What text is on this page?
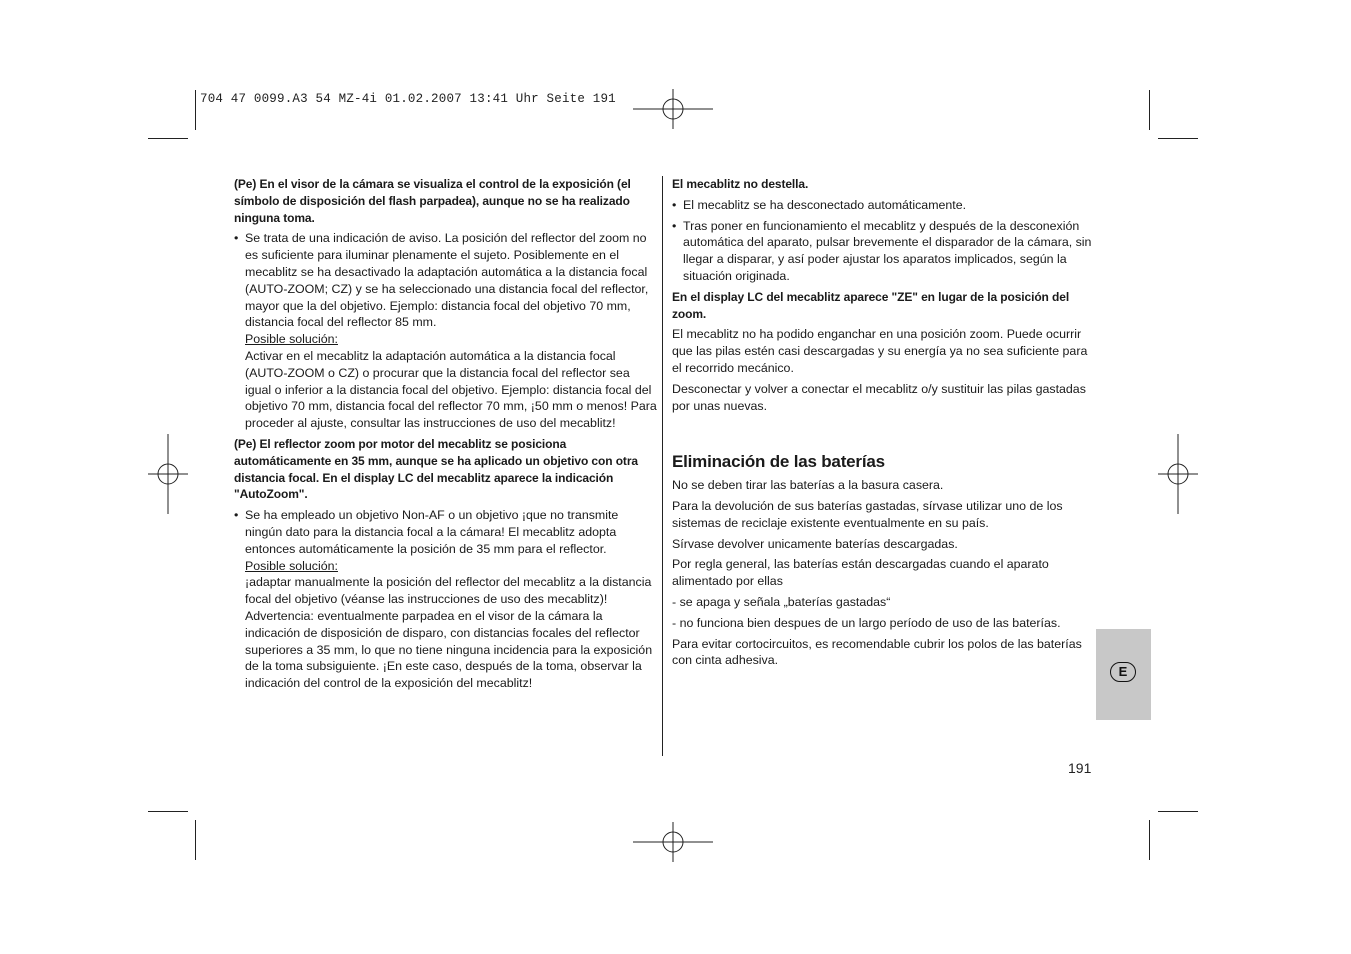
704 47 0099.A3 54 MZ-4i 01.02.2007 13:41 Uhr Seite 191

(Pe) En el visor de la cámara se visualiza el control de la exposición (el símbolo de disposición del flash parpadea), aunque no se ha realizado ninguna toma.

• Se trata de una indicación de aviso. La posición del reflector del zoom no es suficiente para iluminar plenamente el sujeto. Posiblemente en el mecablitz se ha desactivado la adaptación automática a la distancia focal (AUTO-ZOOM; CZ) y se ha seleccionado una distancia focal del reflector, mayor que la del objetivo. Ejemplo: distancia focal del objetivo 70 mm, distancia focal del reflector 85 mm.

Posible solución:

Activar en el mecablitz la adaptación automática a la distancia focal (AUTO-ZOOM o CZ) o procurar que la distancia focal del reflector sea igual o inferior a la distancia focal del objetivo. Ejemplo: distancia focal del objetivo 70 mm, distancia focal del reflector 70 mm, ¡50 mm o menos! Para proceder al ajuste, consultar las instrucciones de uso del mecablitz!

(Pe) El reflector zoom por motor del mecablitz se posiciona automáticamente en 35 mm, aunque se ha aplicado un objetivo con otra distancia focal. En el display LC del mecablitz aparece la indicación "AutoZoom".

• Se ha empleado un objetivo Non-AF o un objetivo ¡que no transmite ningún dato para la distancia focal a la cámara! El mecablitz adopta entonces automáticamente la posición de 35 mm para el reflector.

Posible solución:

¡adaptar manualmente la posición del reflector del mecablitz a la distancia focal del objetivo (véanse las instrucciones de uso des mecablitz)!

Advertencia: eventualmente parpadea en el visor de la cámara la indicación de disposición de disparo, con distancias focales del reflector superiores a 35 mm, lo que no tiene ninguna incidencia para la exposición de la toma subsiguiente. ¡En este caso, después de la toma, observar la indicación del control de la exposición del mecablitz!

El mecablitz no destella.

• El mecablitz se ha desconectado automáticamente.

• Tras poner en funcionamiento el mecablitz y después de la desconexión automática del aparato, pulsar brevemente el disparador de la cámara, sin llegar a disparar, y así poder ajustar los aparatos implicados, según la situación originada.

En el display LC del mecablitz aparece "ZE" en lugar de la posición del zoom.

El mecablitz no ha podido enganchar en una posición zoom. Puede ocurrir que las pilas estén casi descargadas y su energía ya no sea suficiente para el recorrido mecánico.

Desconectar y volver a conectar el mecablitz o/y sustituir las pilas gastadas por unas nuevas.

Eliminación de las baterías

No se deben tirar las baterías a la basura casera.

Para la devolución de sus baterías gastadas, sírvase utilizar uno de los sistemas de reciclaje existente eventualmente en su país.

Sírvase devolver unicamente baterías descargadas.

Por regla general, las baterías están descargadas cuando el aparato alimentado por ellas

- se apaga y señala „baterías gastadas“

- no funciona bien despues de un largo período de uso de las baterías.

Para evitar cortocircuitos, es recomendable cubrir los polos de las baterías con cinta adhesiva.

E
191
